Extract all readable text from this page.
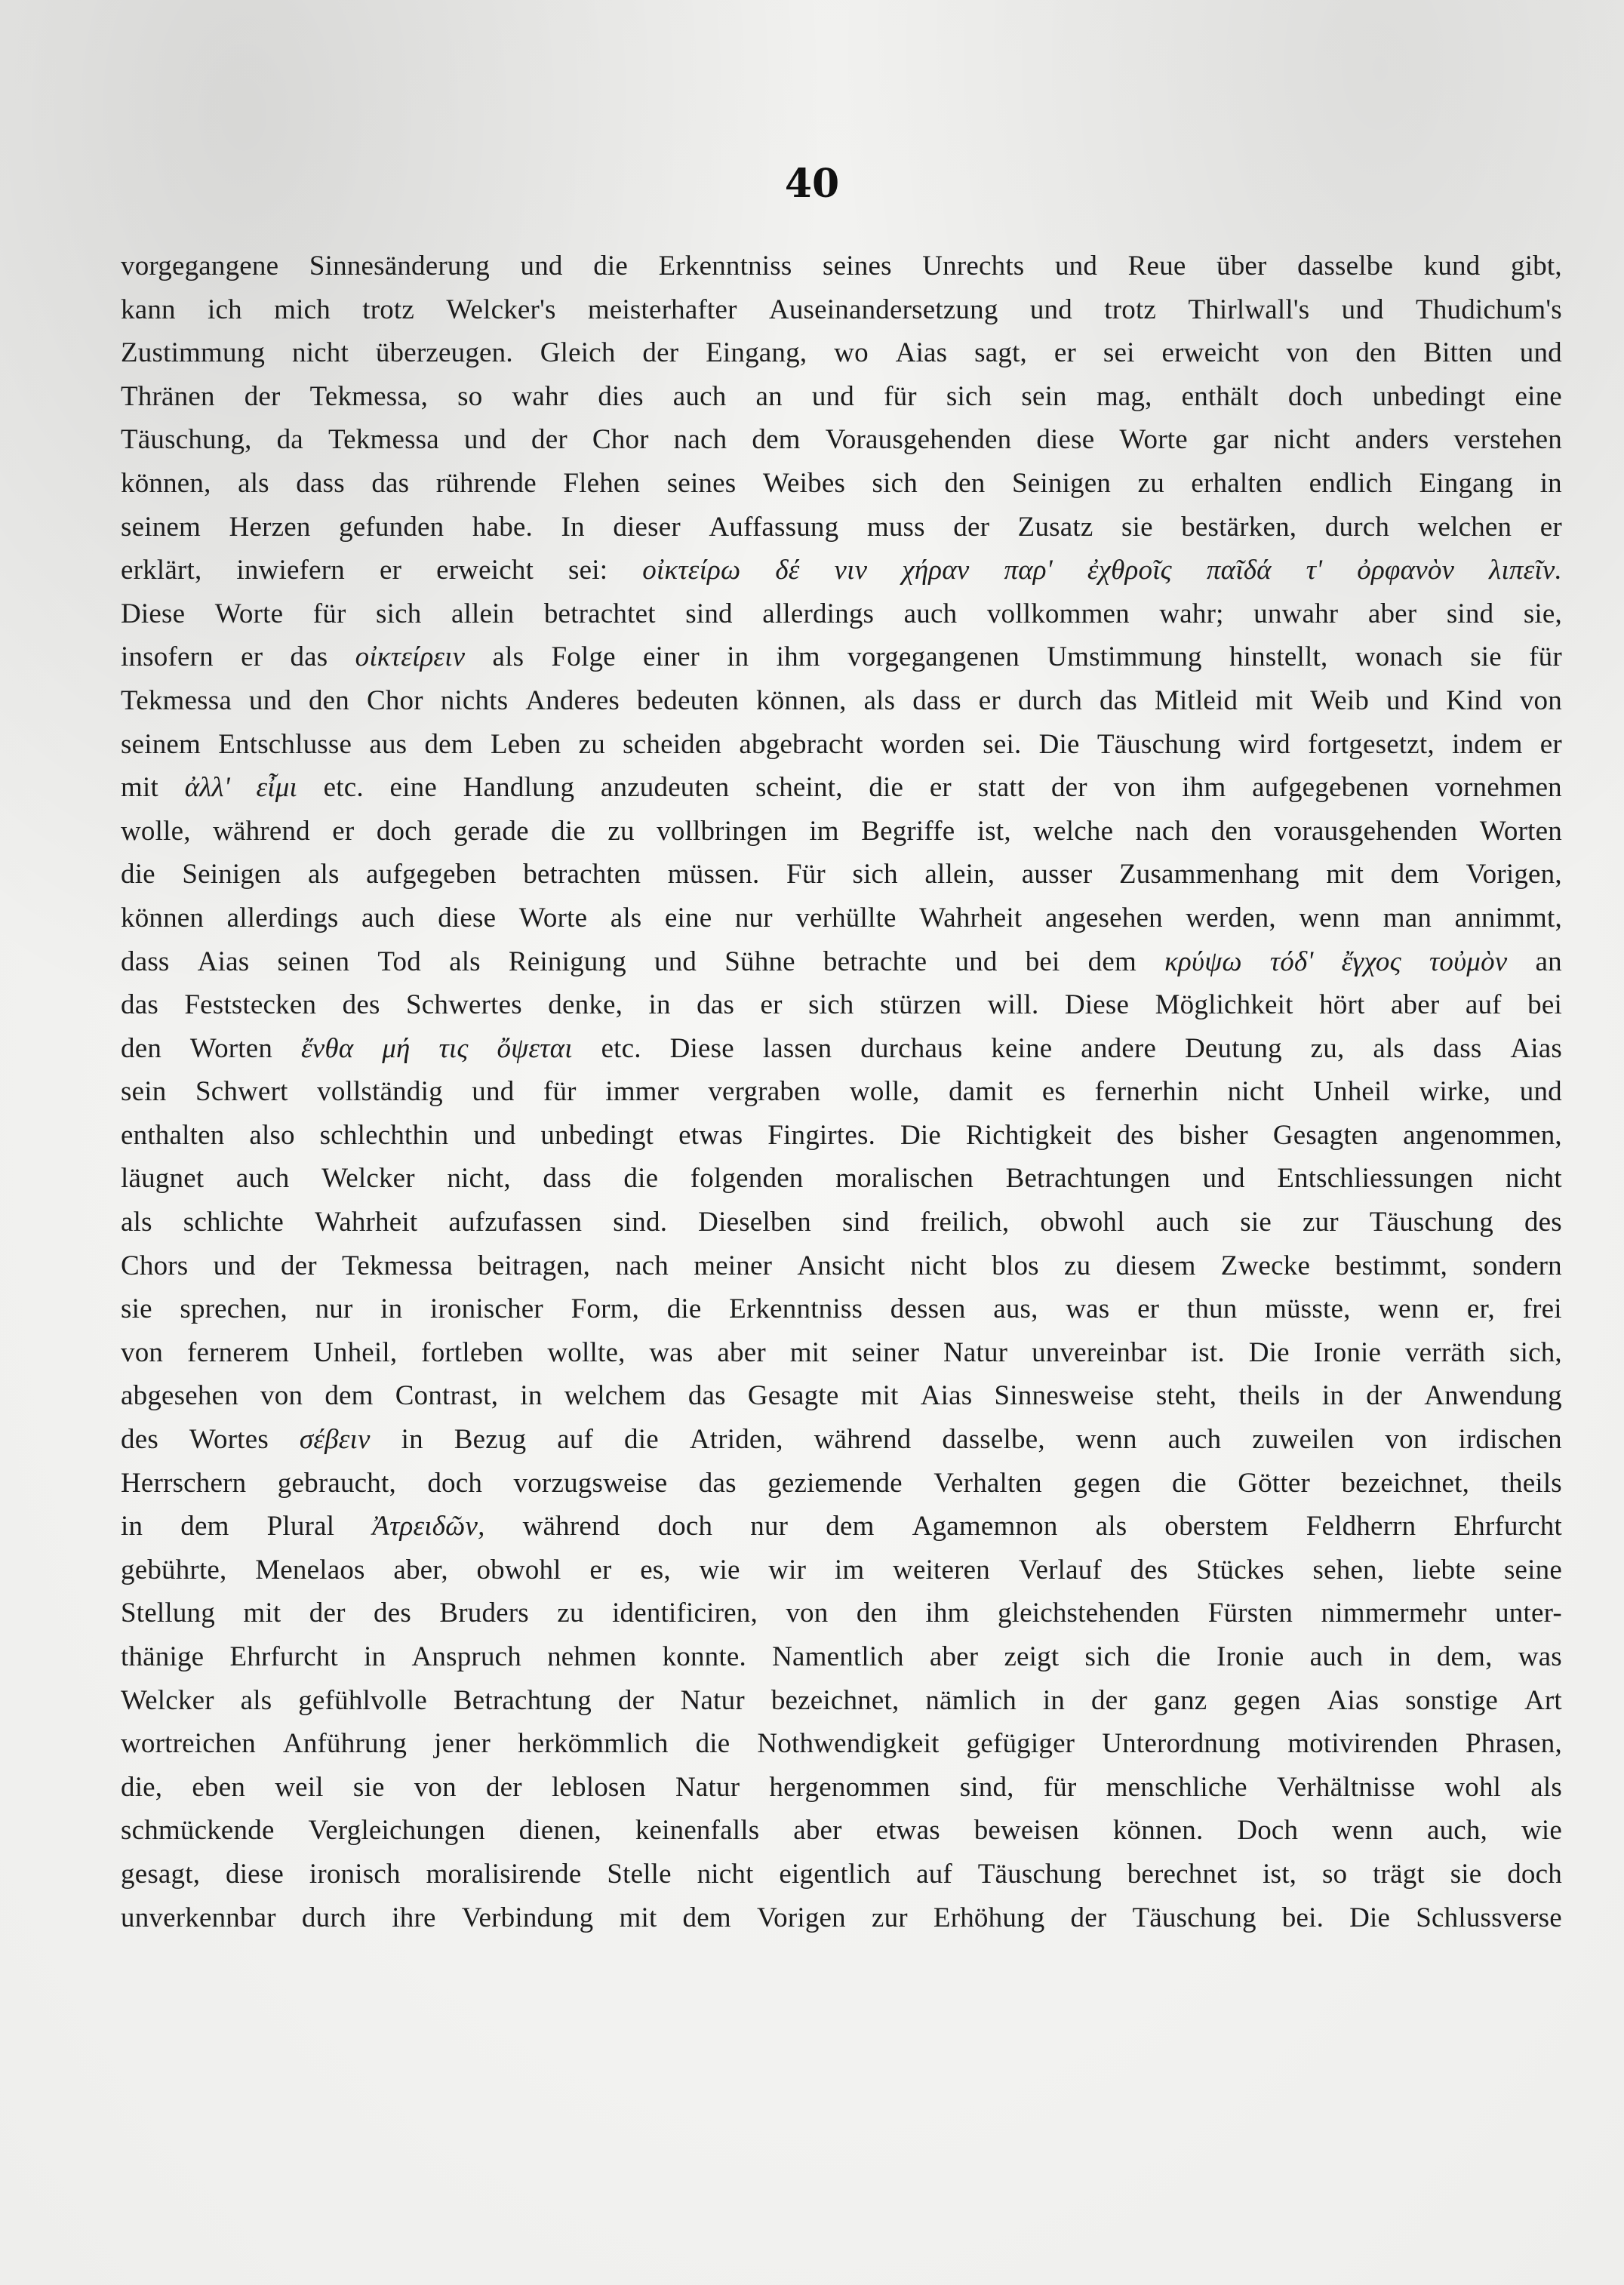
40
vorgegangene Sinnesänderung und die Erkenntniss seines Unrechts und Reue über dasselbe kund gibt,
kann ich mich trotz Welcker's meisterhafter Auseinandersetzung und trotz Thirlwall's und Thudichum's
Zustimmung nicht überzeugen. Gleich der Eingang, wo Aias sagt, er sei erweicht von den Bitten und
Thränen der Tekmessa, so wahr dies auch an und für sich sein mag, enthält doch unbedingt eine
Täuschung, da Tekmessa und der Chor nach dem Vorausgehenden diese Worte gar nicht anders verstehen
können, als dass das rührende Flehen seines Weibes sich den Seinigen zu erhalten endlich Eingang in
seinem Herzen gefunden habe. In dieser Auffassung muss der Zusatz sie bestärken, durch welchen er
erklärt, inwiefern er erweicht sei: οἰκτείρω δέ νιν χήραν παρ' ἐχθροῖς παῖδά τ' ὀρφανὸν λιπεῖν.
Diese Worte für sich allein betrachtet sind allerdings auch vollkommen wahr; unwahr aber sind sie,
insofern er das οἰκτείρειν als Folge einer in ihm vorgegangenen Umstimmung hinstellt, wonach sie für
Tekmessa und den Chor nichts Anderes bedeuten können, als dass er durch das Mitleid mit Weib und Kind von
seinem Entschlusse aus dem Leben zu scheiden abgebracht worden sei. Die Täuschung wird fortgesetzt, indem er
mit ἀλλ' εἶμι etc. eine Handlung anzudeuten scheint, die er statt der von ihm aufgegebenen vornehmen
wolle, während er doch gerade die zu vollbringen im Begriffe ist, welche nach den vorausgehenden Worten
die Seinigen als aufgegeben betrachten müssen. Für sich allein, ausser Zusammenhang mit dem Vorigen,
können allerdings auch diese Worte als eine nur verhüllte Wahrheit angesehen werden, wenn man annimmt,
dass Aias seinen Tod als Reinigung und Sühne betrachte und bei dem κρύψω τόδ' ἔγχος τοὐμὸν an
das Feststecken des Schwertes denke, in das er sich stürzen will. Diese Möglichkeit hört aber auf bei
den Worten ἔνθα μή τις ὄψεται etc. Diese lassen durchaus keine andere Deutung zu, als dass Aias
sein Schwert vollständig und für immer vergraben wolle, damit es fernerhin nicht Unheil wirke, und
enthalten also schlechthin und unbedingt etwas Fingirtes. Die Richtigkeit des bisher Gesagten angenommen,
läugnet auch Welcker nicht, dass die folgenden moralischen Betrachtungen und Entschliessungen nicht
als schlichte Wahrheit aufzufassen sind. Dieselben sind freilich, obwohl auch sie zur Täuschung des
Chors und der Tekmessa beitragen, nach meiner Ansicht nicht blos zu diesem Zwecke bestimmt, sondern
sie sprechen, nur in ironischer Form, die Erkenntniss dessen aus, was er thun müsste, wenn er, frei
von fernerem Unheil, fortleben wollte, was aber mit seiner Natur unvereinbar ist. Die Ironie verräth sich,
abgesehen von dem Contrast, in welchem das Gesagte mit Aias Sinnesweise steht, theils in der Anwendung
des Wortes σέβειν in Bezug auf die Atriden, während dasselbe, wenn auch zuweilen von irdischen
Herrschern gebraucht, doch vorzugsweise das geziemende Verhalten gegen die Götter bezeichnet, theils
in dem Plural Ἀτρειδῶν, während doch nur dem Agamemnon als oberstem Feldherrn Ehrfurcht
gebührte, Menelaos aber, obwohl er es, wie wir im weiteren Verlauf des Stückes sehen, liebte seine
Stellung mit der des Bruders zu identificiren, von den ihm gleichstehenden Fürsten nimmermehr unter-
thänige Ehrfurcht in Anspruch nehmen konnte. Namentlich aber zeigt sich die Ironie auch in dem, was
Welcker als gefühlvolle Betrachtung der Natur bezeichnet, nämlich in der ganz gegen Aias sonstige Art
wortreichen Anführung jener herkömmlich die Nothwendigkeit gefügiger Unterordnung motivirenden Phrasen,
die, eben weil sie von der leblosen Natur hergenommen sind, für menschliche Verhältnisse wohl als
schmückende Vergleichungen dienen, keinenfalls aber etwas beweisen können. Doch wenn auch, wie
gesagt, diese ironisch moralisirende Stelle nicht eigentlich auf Täuschung berechnet ist, so trägt sie doch
unverkennbar durch ihre Verbindung mit dem Vorigen zur Erhöhung der Täuschung bei. Die Schlussverse
